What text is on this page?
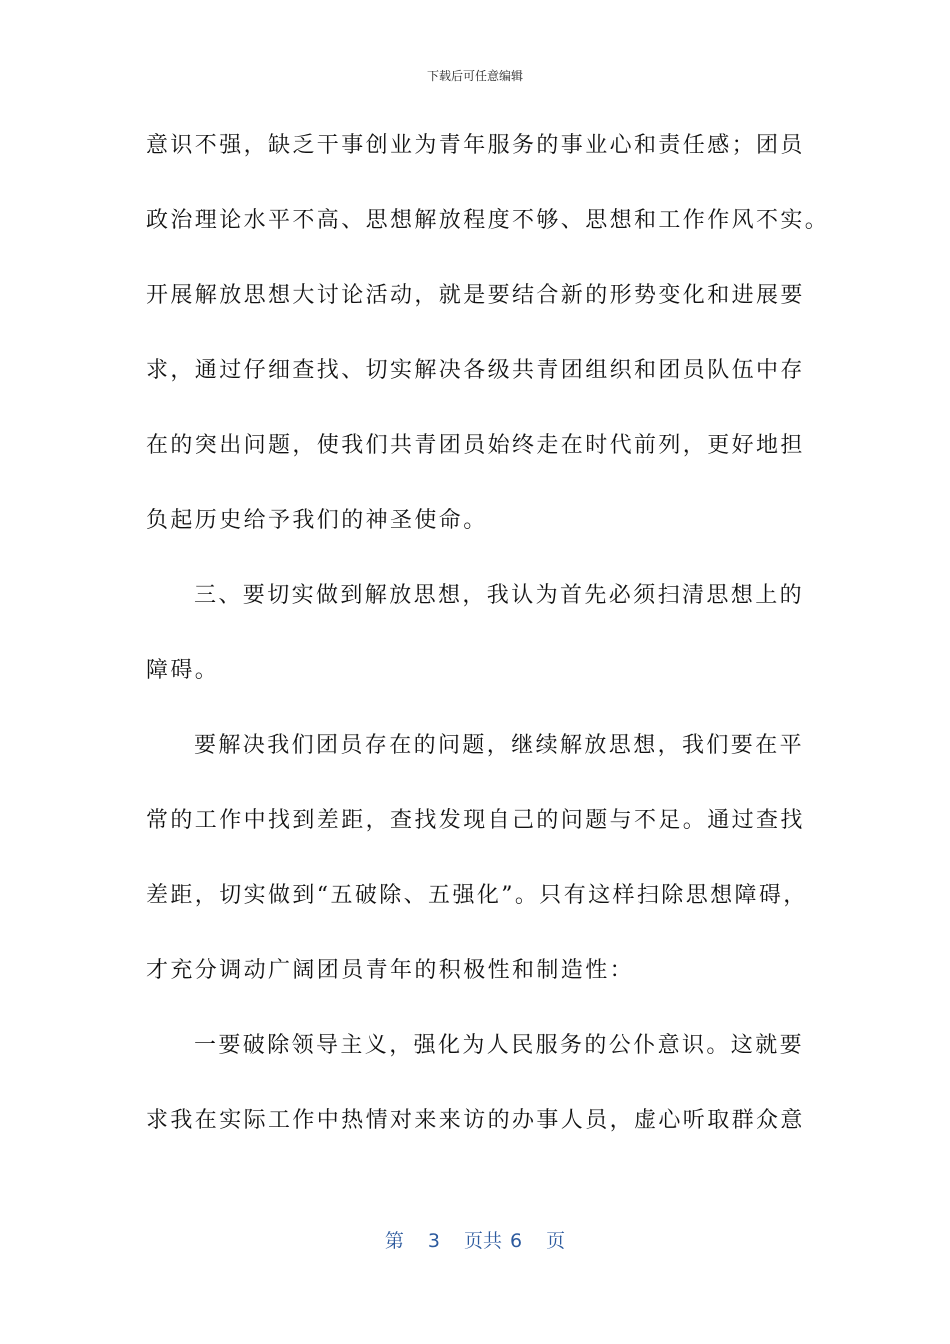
下载后可任意编辑
意识不强，缺乏干事创业为青年服务的事业心和责任感；团员
政治理论水平不高、思想解放程度不够、思想和工作作风不实。
开展解放思想大讨论活动，就是要结合新的形势变化和进展要
求，通过仔细查找、切实解决各级共青团组织和团员队伍中存
在的突出问题，使我们共青团员始终走在时代前列，更好地担
负起历史给予我们的神圣使命。
三、要切实做到解放思想，我认为首先必须扫清思想上的
障碍。
要解决我们团员存在的问题，继续解放思想，我们要在平
常的工作中找到差距，查找发现自己的问题与不足。通过查找
差距，切实做到“五破除、五强化”。只有这样扫除思想障碍，
才充分调动广阔团员青年的积极性和制造性：
一要破除领导主义，强化为人民服务的公仆意识。这就要
求我在实际工作中热情对来来访的办事人员，虚心听取群众意
第 3 页共 6 页
